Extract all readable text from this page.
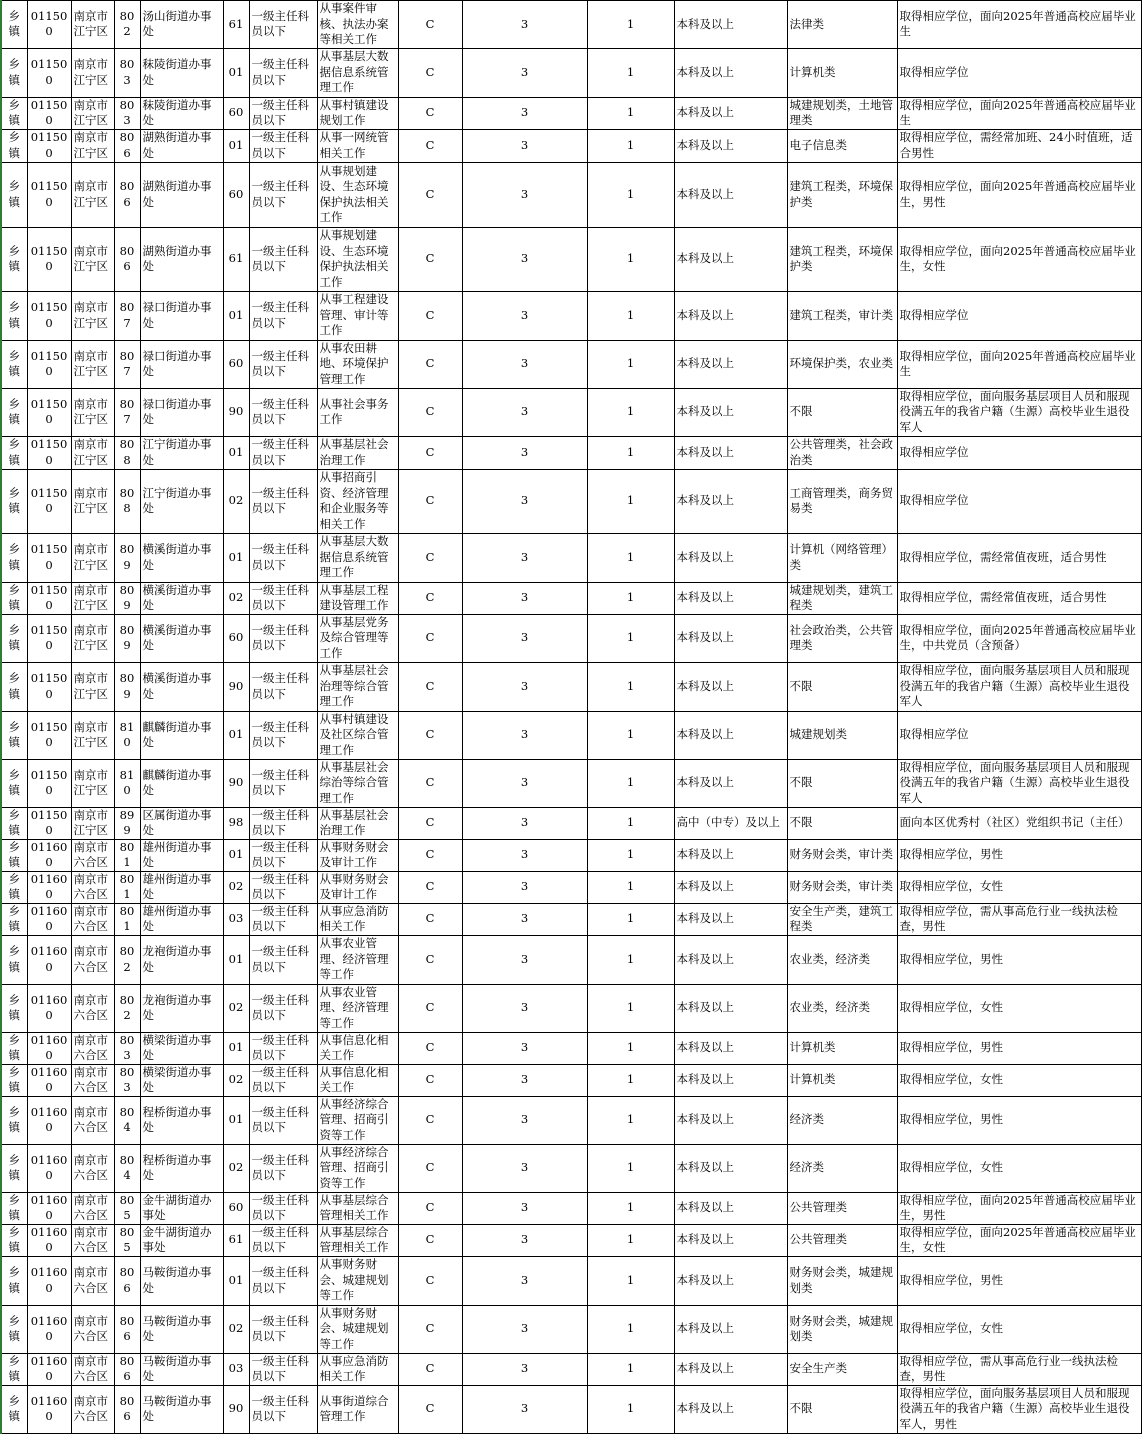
乡镇	011500	南京市江宁区	802	汤山街道办事处	61	一级主任科员以下	从事案件审核、执法办案等相关工作	C	3	1	本科及以上	法律类	取得相应学位，面向2025年普通高校应届毕业生
乡镇	011500	南京市江宁区	803	秣陵街道办事处	01	一级主任科员以下	从事基层大数据信息系统管理工作	C	3	1	本科及以上	计算机类	取得相应学位
乡镇	011500	南京市江宁区	803	秣陵街道办事处	60	一级主任科员以下	从事村镇建设规划工作	C	3	1	本科及以上	城建规划类，土地管理类	取得相应学位，面向2025年普通高校应届毕业生
乡镇	011500	南京市江宁区	806	湖熟街道办事处	01	一级主任科员以下	从事一网统管相关工作	C	3	1	本科及以上	电子信息类	取得相应学位，需经常加班、24小时值班，适合男性
乡镇	011500	南京市江宁区	806	湖熟街道办事处	60	一级主任科员以下	从事规划建设、生态环境保护执法相关工作	C	3	1	本科及以上	建筑工程类，环境保护类	取得相应学位，面向2025年普通高校应届毕业生，男性
乡镇	011500	南京市江宁区	806	湖熟街道办事处	61	一级主任科员以下	从事规划建设、生态环境保护执法相关工作	C	3	1	本科及以上	建筑工程类，环境保护类	取得相应学位，面向2025年普通高校应届毕业生，女性
乡镇	011500	南京市江宁区	807	禄口街道办事处	01	一级主任科员以下	从事工程建设管理、审计等工作	C	3	1	本科及以上	建筑工程类，审计类	取得相应学位
乡镇	011500	南京市江宁区	807	禄口街道办事处	60	一级主任科员以下	从事农田耕地、环境保护管理工作	C	3	1	本科及以上	环境保护类，农业类	取得相应学位，面向2025年普通高校应届毕业生
乡镇	011500	南京市江宁区	807	禄口街道办事处	90	一级主任科员以下	从事社会事务工作	C	3	1	本科及以上	不限	取得相应学位，面向服务基层项目人员和服现役满五年的我省户籍（生源）高校毕业生退役军人
乡镇	011500	南京市江宁区	808	江宁街道办事处	01	一级主任科员以下	从事基层社会治理工作	C	3	1	本科及以上	公共管理类，社会政治类	取得相应学位
乡镇	011500	南京市江宁区	808	江宁街道办事处	02	一级主任科员以下	从事招商引资、经济管理和企业服务等相关工作	C	3	1	本科及以上	工商管理类，商务贸易类	取得相应学位
乡镇	011500	南京市江宁区	809	横溪街道办事处	01	一级主任科员以下	从事基层大数据信息系统管理工作	C	3	1	本科及以上	计算机（网络管理）类	取得相应学位，需经常值夜班，适合男性
乡镇	011500	南京市江宁区	809	横溪街道办事处	02	一级主任科员以下	从事基层工程建设管理工作	C	3	1	本科及以上	城建规划类，建筑工程类	取得相应学位，需经常值夜班，适合男性
乡镇	011500	南京市江宁区	809	横溪街道办事处	60	一级主任科员以下	从事基层党务及综合管理等工作	C	3	1	本科及以上	社会政治类，公共管理类	取得相应学位，面向2025年普通高校应届毕业生，中共党员（含预备）
乡镇	011500	南京市江宁区	809	横溪街道办事处	90	一级主任科员以下	从事基层社会治理等综合管理工作	C	3	1	本科及以上	不限	取得相应学位，面向服务基层项目人员和服现役满五年的我省户籍（生源）高校毕业生退役军人
乡镇	011500	南京市江宁区	810	麒麟街道办事处	01	一级主任科员以下	从事村镇建设及社区综合管理工作	C	3	1	本科及以上	城建规划类	取得相应学位
乡镇	011500	南京市江宁区	810	麒麟街道办事处	90	一级主任科员以下	从事基层社会综治等综合管理工作	C	3	1	本科及以上	不限	取得相应学位，面向服务基层项目人员和服现役满五年的我省户籍（生源）高校毕业生退役军人
乡镇	011500	南京市江宁区	899	区属街道办事处	98	一级主任科员以下	从事基层社会治理工作	C	3	1	高中（中专）及以上	不限	面向本区优秀村（社区）党组织书记（主任）
乡镇	011600	南京市六合区	801	雄州街道办事处	01	一级主任科员以下	从事财务财会及审计工作	C	3	1	本科及以上	财务财会类，审计类	取得相应学位，男性
乡镇	011600	南京市六合区	801	雄州街道办事处	02	一级主任科员以下	从事财务财会及审计工作	C	3	1	本科及以上	财务财会类，审计类	取得相应学位，女性
乡镇	011600	南京市六合区	801	雄州街道办事处	03	一级主任科员以下	从事应急消防相关工作	C	3	1	本科及以上	安全生产类，建筑工程类	取得相应学位，需从事高危行业一线执法检查，男性
乡镇	011600	南京市六合区	802	龙袍街道办事处	01	一级主任科员以下	从事农业管理、经济管理等工作	C	3	1	本科及以上	农业类，经济类	取得相应学位，男性
乡镇	011600	南京市六合区	802	龙袍街道办事处	02	一级主任科员以下	从事农业管理、经济管理等工作	C	3	1	本科及以上	农业类，经济类	取得相应学位，女性
乡镇	011600	南京市六合区	803	横梁街道办事处	01	一级主任科员以下	从事信息化相关工作	C	3	1	本科及以上	计算机类	取得相应学位，男性
乡镇	011600	南京市六合区	803	横梁街道办事处	02	一级主任科员以下	从事信息化相关工作	C	3	1	本科及以上	计算机类	取得相应学位，女性
乡镇	011600	南京市六合区	804	程桥街道办事处	01	一级主任科员以下	从事经济综合管理、招商引资等工作	C	3	1	本科及以上	经济类	取得相应学位，男性
乡镇	011600	南京市六合区	804	程桥街道办事处	02	一级主任科员以下	从事经济综合管理、招商引资等工作	C	3	1	本科及以上	经济类	取得相应学位，女性
乡镇	011600	南京市六合区	805	金牛湖街道办事处	60	一级主任科员以下	从事基层综合管理相关工作	C	3	1	本科及以上	公共管理类	取得相应学位，面向2025年普通高校应届毕业生，男性
乡镇	011600	南京市六合区	805	金牛湖街道办事处	61	一级主任科员以下	从事基层综合管理相关工作	C	3	1	本科及以上	公共管理类	取得相应学位，面向2025年普通高校应届毕业生，女性
乡镇	011600	南京市六合区	806	马鞍街道办事处	01	一级主任科员以下	从事财务财会、城建规划等工作	C	3	1	本科及以上	财务财会类，城建规划类	取得相应学位，男性
乡镇	011600	南京市六合区	806	马鞍街道办事处	02	一级主任科员以下	从事财务财会、城建规划等工作	C	3	1	本科及以上	财务财会类，城建规划类	取得相应学位，女性
乡镇	011600	南京市六合区	806	马鞍街道办事处	03	一级主任科员以下	从事应急消防相关工作	C	3	1	本科及以上	安全生产类	取得相应学位，需从事高危行业一线执法检查，男性
乡镇	011600	南京市六合区	806	马鞍街道办事处	90	一级主任科员以下	从事街道综合管理工作	C	3	1	本科及以上	不限	取得相应学位，面向服务基层项目人员和服现役满五年的我省户籍（生源）高校毕业生退役军人，男性
